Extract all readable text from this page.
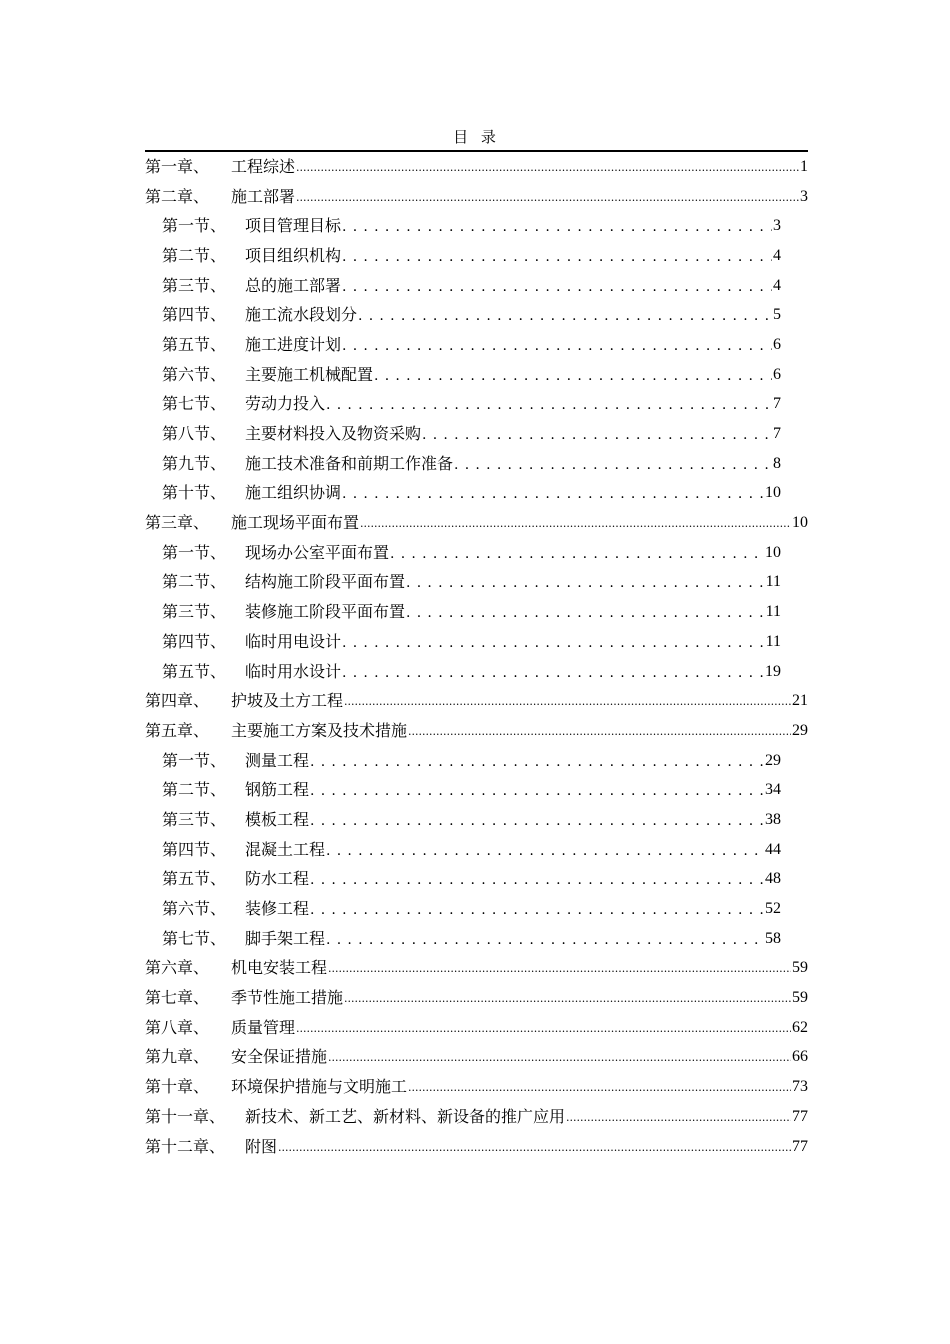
目 录
第一章、	工程综述 .....	1
第二章、	施工部署 .....	3
第一节、	项目管理目标 . . .	3
第二节、	项目组织机构 . . .	4
第三节、	总的施工部署 . . .	4
第四节、	施工流水段划分 . . .	5
第五节、	施工进度计划 . . .	6
第六节、	主要施工机械配置 . . .	6
第七节、	劳动力投入 . . .	7
第八节、	主要材料投入及物资采购 . . .	7
第九节、	施工技术准备和前期工作准备 . . .	8
第十节、	施工组织协调 . . .	10
第三章、	施工现场平面布置 .....	10
第一节、	现场办公室平面布置 . . .	10
第二节、	结构施工阶段平面布置 . . .	11
第三节、	装修施工阶段平面布置 . . .	11
第四节、	临时用电设计 . . .	11
第五节、	临时用水设计 . . .	19
第四章、	护坡及土方工程 .....	21
第五章、	主要施工方案及技术措施 .....	29
第一节、	测量工程 . . .	29
第二节、	钢筋工程 . . .	34
第三节、	模板工程 . . .	38
第四节、	混凝土工程 . . .	44
第五节、	防水工程 . . .	48
第六节、	装修工程 . . .	52
第七节、	脚手架工程 . . .	58
第六章、	机电安装工程 .....	59
第七章、	季节性施工措施 .....	59
第八章、	质量管理 .....	62
第九章、	安全保证措施 .....	66
第十章、	环境保护措施与文明施工 .....	73
第十一章、	新技术、新工艺、新材料、新设备的推广应用 .....	77
第十二章、	附图 .....	77
